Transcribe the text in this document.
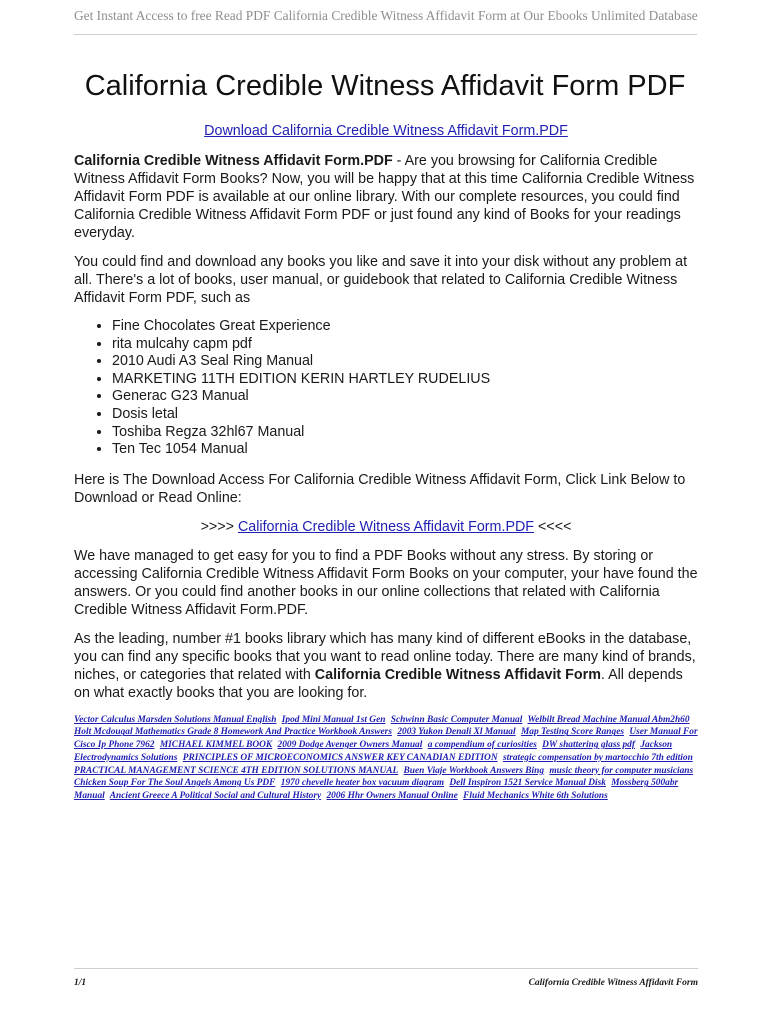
Get Instant Access to free Read PDF California Credible Witness Affidavit Form at Our Ebooks Unlimited Database
California Credible Witness Affidavit Form PDF
Download California Credible Witness Affidavit Form.PDF

California Credible Witness Affidavit Form.PDF - Are you browsing for California Credible Witness Affidavit Form Books? Now, you will be happy that at this time California Credible Witness Affidavit Form PDF is available at our online library. With our complete resources, you could find California Credible Witness Affidavit Form PDF or just found any kind of Books for your readings everyday.

You could find and download any books you like and save it into your disk without any problem at all. There's a lot of books, user manual, or guidebook that related to California Credible Witness Affidavit Form PDF, such as

• Fine Chocolates Great Experience
• rita mulcahy capm pdf
• 2010 Audi A3 Seal Ring Manual
• MARKETING 11TH EDITION KERIN HARTLEY RUDELIUS
• Generac G23 Manual
• Dosis letal
• Toshiba Regza 32hl67 Manual
• Ten Tec 1054 Manual

Here is The Download Access For California Credible Witness Affidavit Form, Click Link Below to Download or Read Online:

>>>> California Credible Witness Affidavit Form.PDF <<<<

We have managed to get easy for you to find a PDF Books without any stress. By storing or accessing California Credible Witness Affidavit Form Books on your computer, your have found the answers. Or you could find another books in our online collections that related with California Credible Witness Affidavit Form.PDF.

As the leading, number #1 books library which has many kind of different eBooks in the database, you can find any specific books that you want to read online today. There are many kind of brands, niches, or categories that related with California Credible Witness Affidavit Form. All depends on what exactly books that you are looking for.

Vector Calculus Marsden Solutions Manual English Ipod Mini Manual 1st Gen Schwinn Basic Computer Manual Welbilt Bread Machine Manual Abm2h60 Holt Mcdougal Mathematics Grade 8 Homework And Practice Workbook Answers 2003 Yukon Denali Xl Manual Map Testing Score Ranges User Manual For Cisco Ip Phone 7962 MICHAEL KIMMEL BOOK 2009 Dodge Avenger Owners Manual a compendium of curiosities DW shattering glass pdf Jackson Electrodynamics Solutions PRINCIPLES OF MICROECONOMICS ANSWER KEY CANADIAN EDITION strategic compensation by martocchio 7th edition PRACTICAL MANAGEMENT SCIENCE 4TH EDITION SOLUTIONS MANUAL Buen Viaje Workbook Answers Bing music theory for computer musicians Chicken Soup For The Soul Angels Among Us PDF 1970 chevelle heater box vacuum diagram Dell Inspiron 1521 Service Manual Disk Mossberg 500abr Manual Ancient Greece A Political Social and Cultural History 2006 Hhr Owners Manual Online Fluid Mechanics White 6th Solutions
1/1	California Credible Witness Affidavit Form
